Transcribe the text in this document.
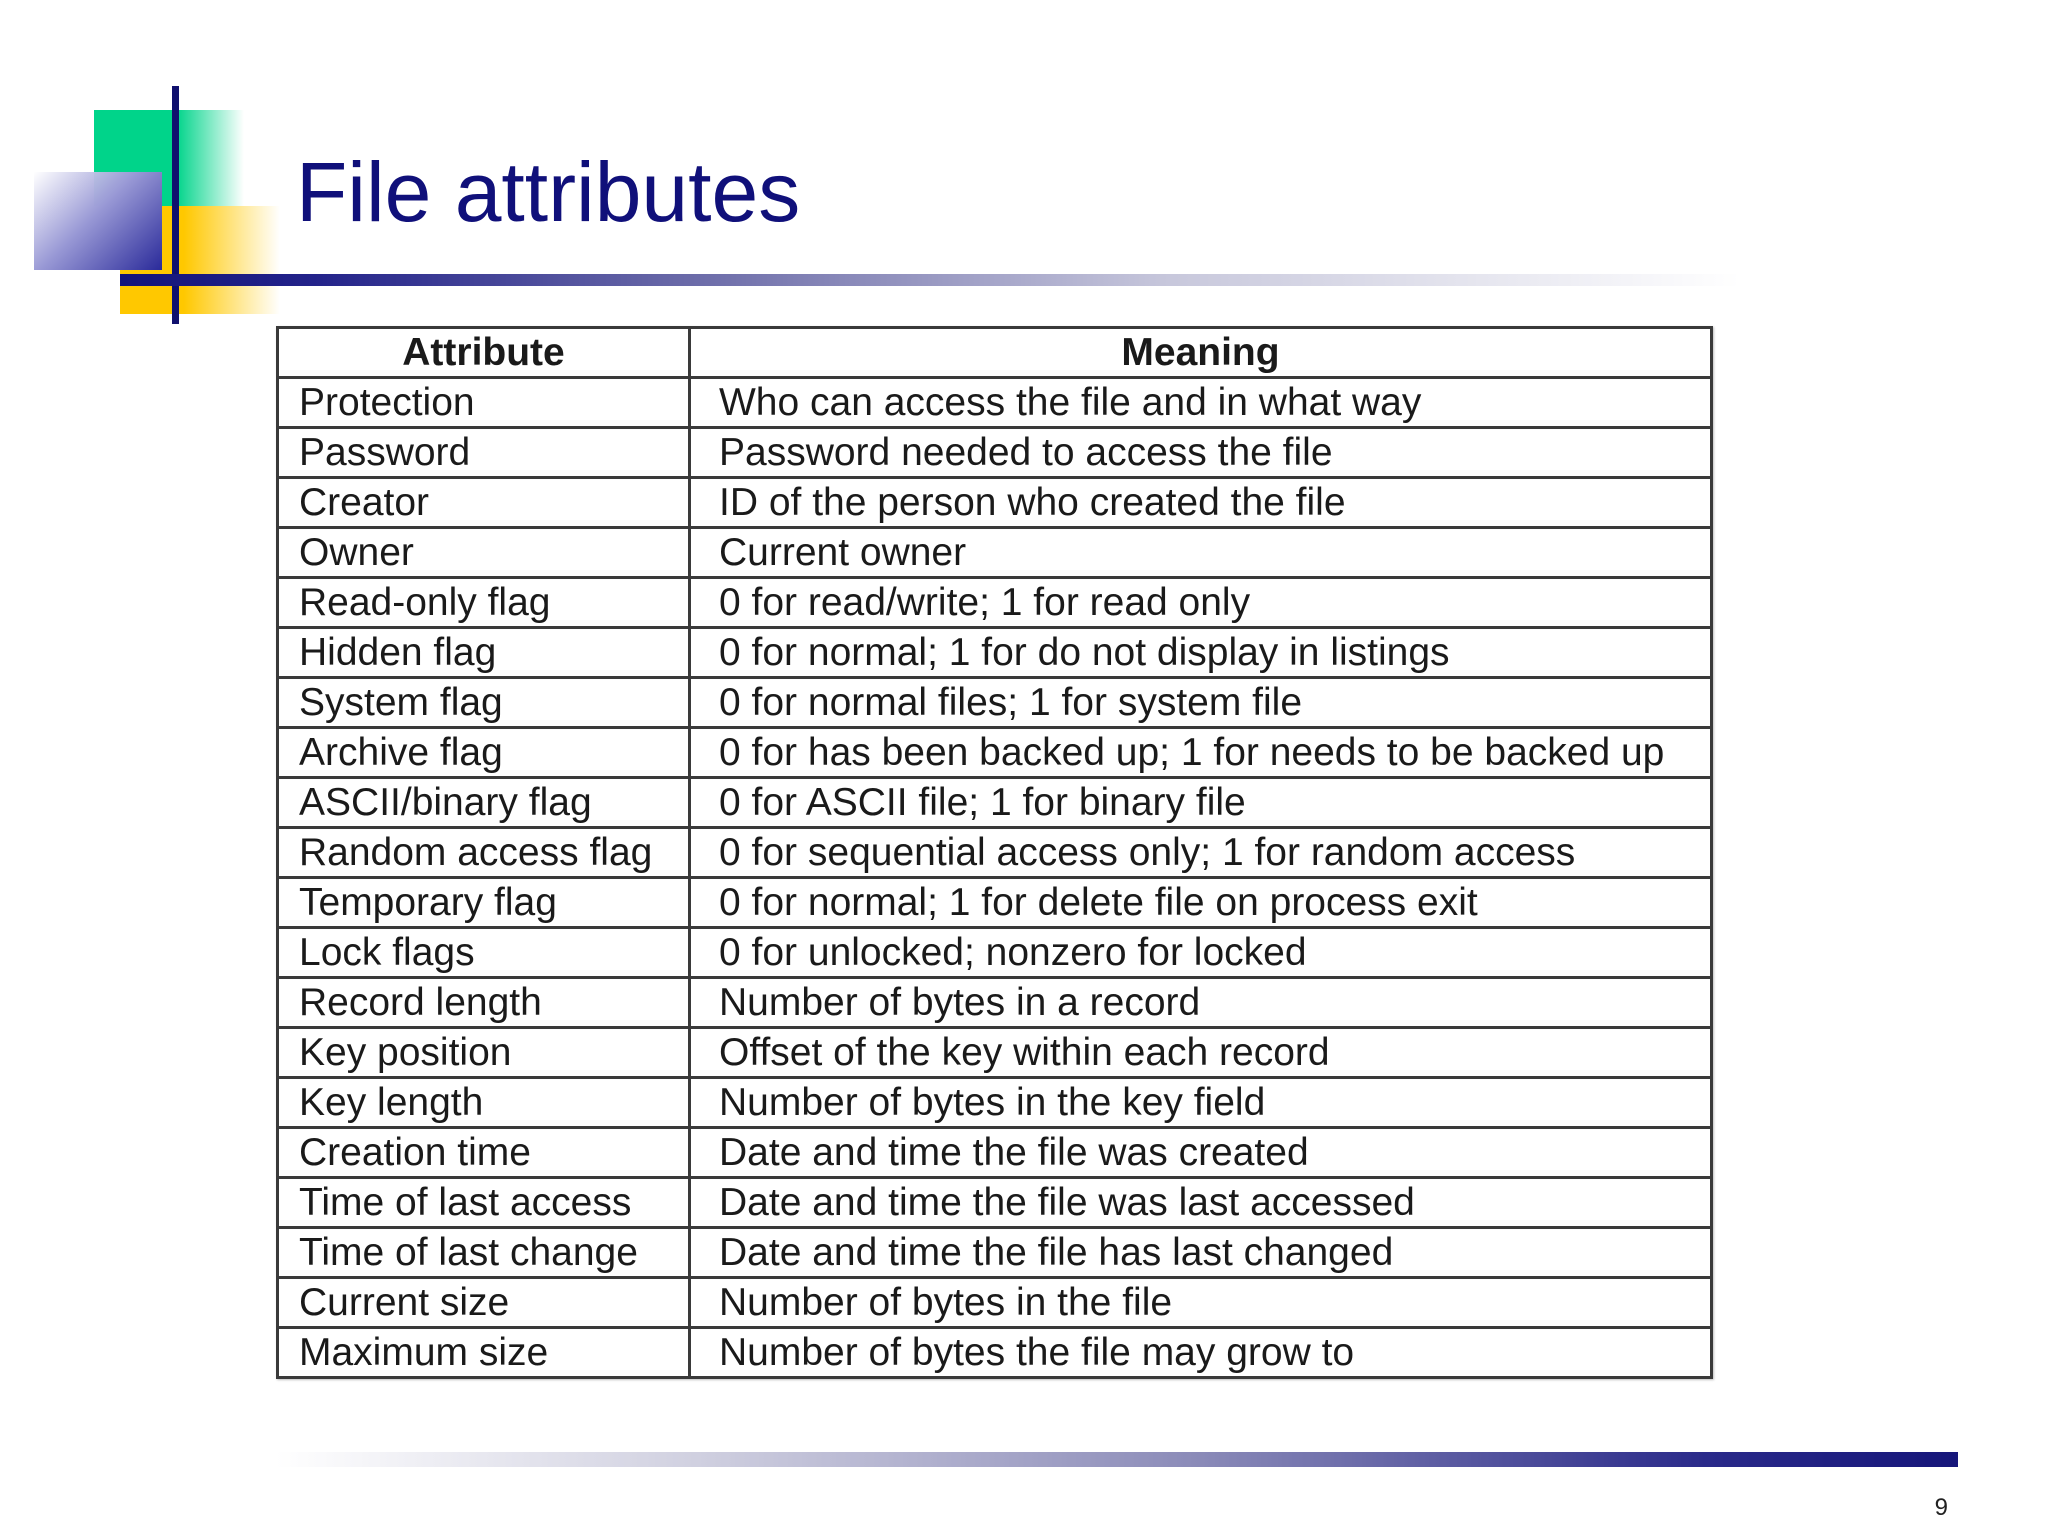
File attributes
Attribute	Meaning
Protection	Who can access the file and in what way
Password	Password needed to access the file
Creator	ID of the person who created the file
Owner	Current owner
Read-only flag	0 for read/write; 1 for read only
Hidden flag	0 for normal; 1 for do not display in listings
System flag	0 for normal files; 1 for system file
Archive flag	0 for has been backed up; 1 for needs to be backed up
ASCII/binary flag	0 for ASCII file; 1 for binary file
Random access flag	0 for sequential access only; 1 for random access
Temporary flag	0 for normal; 1 for delete file on process exit
Lock flags	0 for unlocked; nonzero for locked
Record length	Number of bytes in a record
Key position	Offset of the key within each record
Key length	Number of bytes in the key field
Creation time	Date and time the file was created
Time of last access	Date and time the file was last accessed
Time of last change	Date and time the file has last changed
Current size	Number of bytes in the file
Maximum size	Number of bytes the file may grow to
9
